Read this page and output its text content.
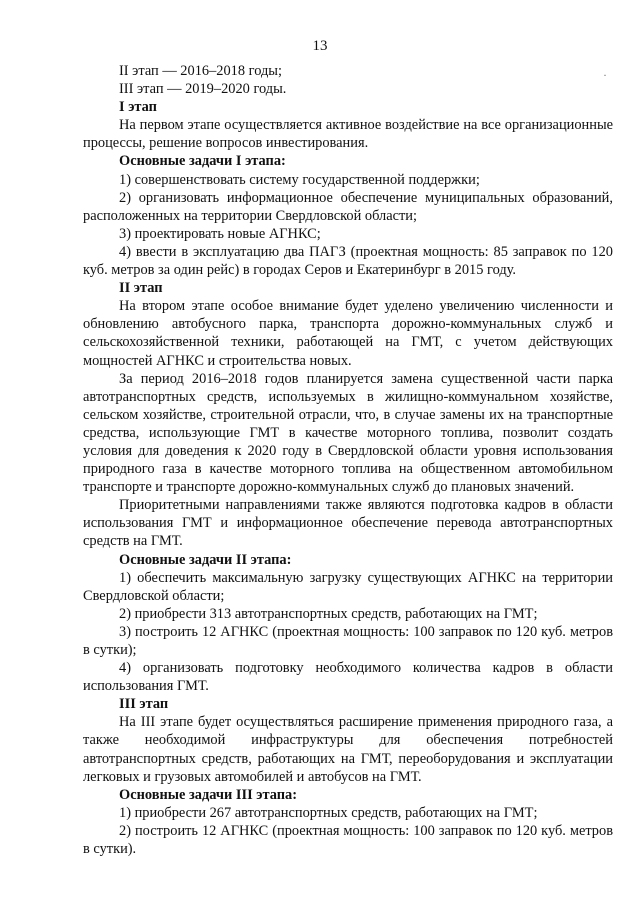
13
·

II этап — 2016–2018 годы;

III этап — 2019–2020 годы.

I этап

На первом этапе осуществляется активное воздействие на все организационные процессы, решение вопросов инвестирования.

Основные задачи I этапа:

1) совершенствовать систему государственной поддержки;

2) организовать информационное обеспечение муниципальных образований, расположенных на территории Свердловской области;

3) проектировать новые АГНКС;

4) ввести в эксплуатацию два ПАГЗ (проектная мощность: 85 заправок по 120 куб. метров за один рейс) в городах Серов и Екатеринбург в 2015 году.

II этап

На втором этапе особое внимание будет уделено увеличению численности и обновлению автобусного парка, транспорта дорожно-коммунальных служб и сельскохозяйственной техники, работающей на ГМТ, с учетом действующих мощностей АГНКС и строительства новых.

За период 2016–2018 годов планируется замена существенной части парка автотранспортных средств, используемых в жилищно-коммунальном хозяйстве, сельском хозяйстве, строительной отрасли, что, в случае замены их на транспортные средства, использующие ГМТ в качестве моторного топлива, позволит создать условия для доведения к 2020 году в Свердловской области уровня использования природного газа в качестве моторного топлива на общественном автомобильном транспорте и транспорте дорожно-коммунальных служб до плановых значений.

Приоритетными направлениями также являются подготовка кадров в области использования ГМТ и информационное обеспечение перевода автотранспортных средств на ГМТ.

Основные задачи II этапа:

1) обеспечить максимальную загрузку существующих АГНКС на территории Свердловской области;

2) приобрести 313 автотранспортных средств, работающих на ГМТ;

3) построить 12 АГНКС (проектная мощность: 100 заправок по 120 куб. метров в сутки);

4) организовать подготовку необходимого количества кадров в области использования ГМТ.

III этап

На III этапе будет осуществляться расширение применения природного газа, а также необходимой инфраструктуры для обеспечения потребностей автотранспортных средств, работающих на ГМТ, переоборудования и эксплуатации легковых и грузовых автомобилей и автобусов на ГМТ.

Основные задачи III этапа:

1) приобрести 267 автотранспортных средств, работающих на ГМТ;

2) построить 12 АГНКС (проектная мощность: 100 заправок по 120 куб. метров в сутки).
